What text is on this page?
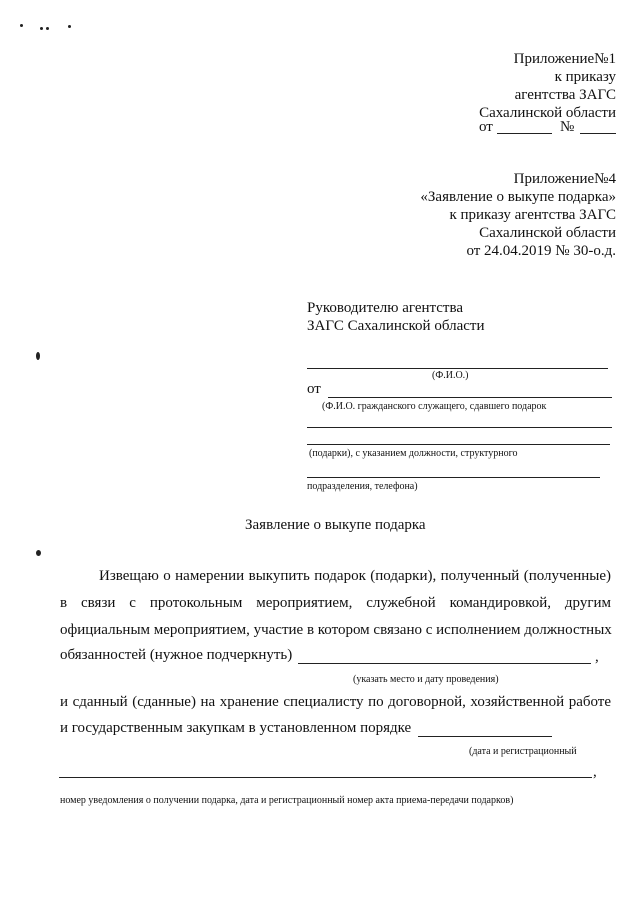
Приложение№1
к приказу
агентства ЗАГС
Сахалинской области
от	№
Приложение№4
«Заявление о выкупе подарка»
к приказу агентства ЗАГС
Сахалинской области
от 24.04.2019 № 30-о.д.
Руководителю агентства
ЗАГС Сахалинской области
(Ф.И.О.)
от
(Ф.И.О. гражданского служащего, сдавшего подарок
(подарки), с указанием должности, структурного
подразделения, телефона)
Заявление о выкупе подарка
Извещаю о намерении выкупить подарок (подарки), полученный (полученные)
в связи с протокольным мероприятием, служебной командировкой, другим
официальным мероприятием, участие в котором связано с исполнением должностных
обязанностей (нужное подчеркнуть)	,
(указать место и дату проведения)
и сданный (сданные) на хранение специалисту по договорной, хозяйственной работе
и государственным закупкам в установленном порядке
(дата и регистрационный
,
номер уведомления о получении подарка, дата и регистрационный номер акта приема-передачи подарков)
